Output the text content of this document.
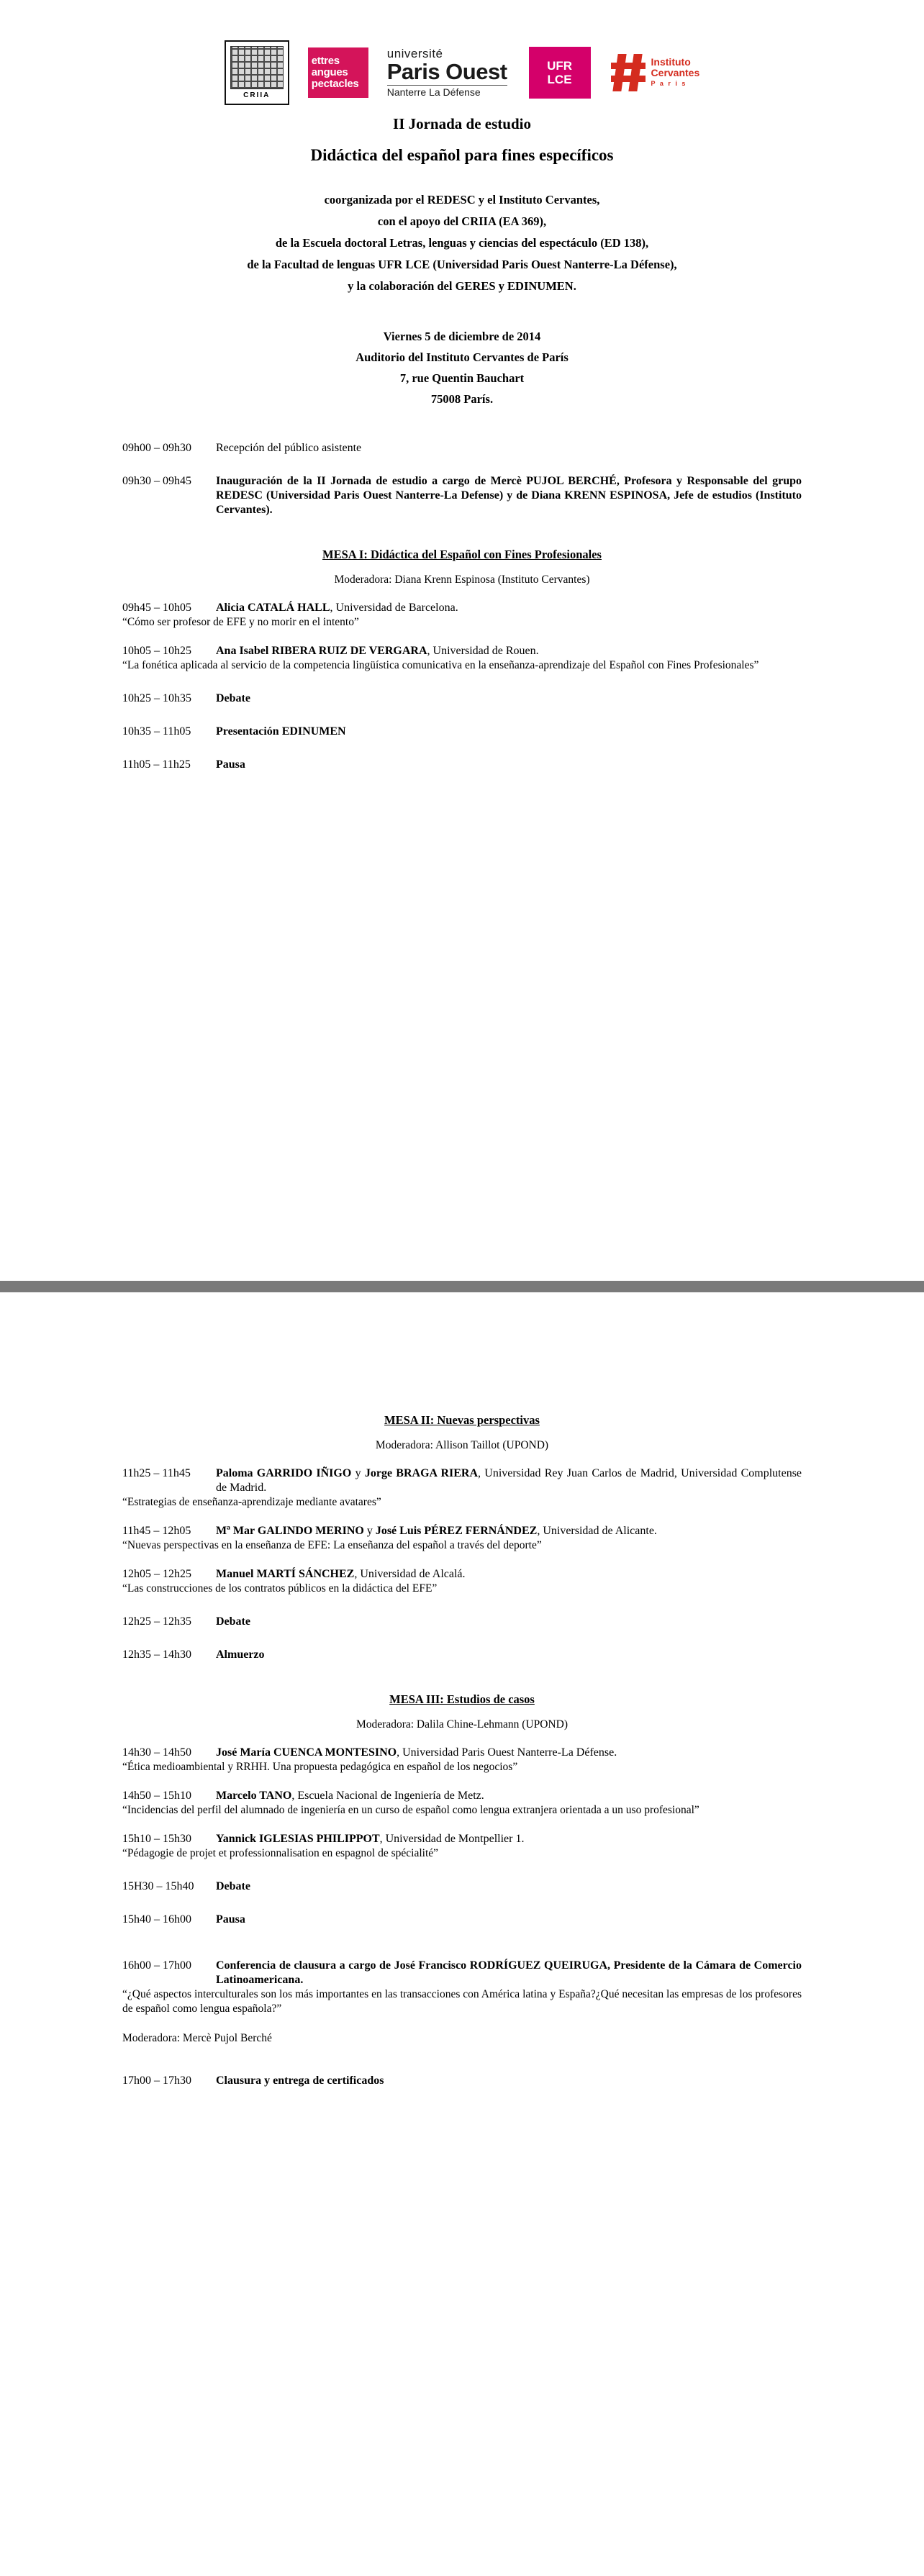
CRIIA
ettres angues pectacles
université
Paris Ouest
Nanterre La Défense
UFR
LCE
Instituto
Cervantes
P a r i s
II Jornada de estudio
Didáctica del español para fines específicos
coorganizada por el REDESC y el Instituto Cervantes,
con el apoyo del CRIIA (EA 369),
de la Escuela doctoral Letras, lenguas y ciencias del espectáculo (ED 138),
de la Facultad de lenguas UFR LCE (Universidad Paris Ouest Nanterre-La Défense),
y la colaboración del GERES y EDINUMEN.
Viernes 5 de diciembre de 2014
Auditorio del Instituto Cervantes de París
7, rue Quentin Bauchart
75008 París.
09h00 – 09h30	Recepción del público asistente
09h30 – 09h45	Inauguración de la II Jornada de estudio a cargo de Mercè PUJOL BERCHÉ, Profesora y Responsable del grupo REDESC (Universidad Paris Ouest Nanterre-La Defense) y de Diana KRENN ESPINOSA, Jefe de estudios (Instituto Cervantes).
MESA I: Didáctica del Español con Fines Profesionales
Moderadora: Diana Krenn Espinosa (Instituto Cervantes)
09h45 – 10h05	Alicia CATALÁ HALL, Universidad de Barcelona.
“Cómo ser profesor de EFE y no morir en el intento”
10h05 – 10h25	Ana Isabel RIBERA RUIZ DE VERGARA, Universidad de Rouen.
“La fonética aplicada al servicio de la competencia lingüística comunicativa en la enseñanza-aprendizaje del Español con Fines Profesionales”
10h25 – 10h35	Debate
10h35 – 11h05	Presentación EDINUMEN
11h05 – 11h25	Pausa
MESA II: Nuevas perspectivas
Moderadora: Allison Taillot (UPOND)
11h25 – 11h45	Paloma GARRIDO IÑIGO y Jorge BRAGA RIERA, Universidad Rey Juan Carlos de Madrid, Universidad Complutense de Madrid.
“Estrategias de enseñanza-aprendizaje mediante avatares”
11h45 – 12h05	Mª Mar GALINDO MERINO y José Luis PÉREZ FERNÁNDEZ, Universidad de Alicante.
“Nuevas perspectivas en la enseñanza de EFE: La enseñanza del español a través del deporte”
12h05 – 12h25	Manuel MARTÍ SÁNCHEZ, Universidad de Alcalá.
“Las construcciones de los contratos públicos en la didáctica del EFE”
12h25 – 12h35	Debate
12h35 – 14h30	Almuerzo
MESA III: Estudios de casos
Moderadora: Dalila Chine-Lehmann (UPOND)
14h30 – 14h50	José María CUENCA MONTESINO, Universidad Paris Ouest Nanterre-La Défense.
“Ética medioambiental y RRHH. Una propuesta pedagógica en español de los negocios”
14h50 – 15h10	Marcelo TANO, Escuela Nacional de Ingeniería de Metz.
“Incidencias del perfil del alumnado de ingeniería en un curso de español como lengua extranjera orientada a un uso profesional”
15h10 – 15h30	Yannick IGLESIAS PHILIPPOT, Universidad de Montpellier 1.
“Pédagogie de projet et professionnalisation en espagnol de spécialité”
15H30 – 15h40	Debate
15h40 – 16h00	Pausa
16h00 – 17h00	Conferencia de clausura a cargo de José Francisco RODRÍGUEZ QUEIRUGA, Presidente de la Cámara de Comercio Latinoamericana.
“¿Qué aspectos interculturales son los más importantes en las transacciones con América latina y España?¿Qué necesitan las empresas de los profesores de español como lengua española?”
Moderadora: Mercè Pujol Berché
17h00 – 17h30	Clausura y entrega de certificados
